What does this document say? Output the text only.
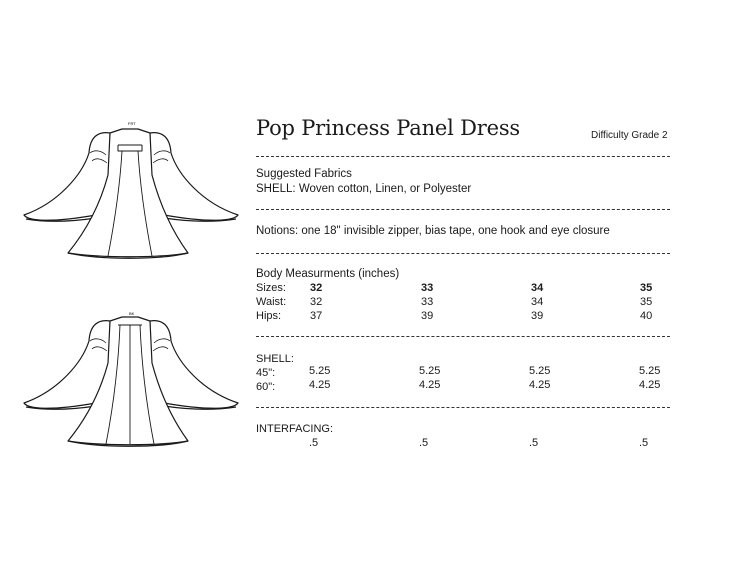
FRT
BK
Pop Princess Panel Dress	Difficulty Grade 2
Suggested Fabrics
SHELL: Woven cotton, Linen, or Polyester
Notions: one 18" invisible zipper, bias tape, one hook and eye closure
Body Measurments (inches)
Sizes: 32	33	34	35
Waist: 32	33	34	35
Hips:	37	39	39	40
SHELL:
45":	5.25	5.25	5.25	5.25
60":	4.25	4.25	4.25	4.25
INTERFACING:
.5	.5	.5	.5
